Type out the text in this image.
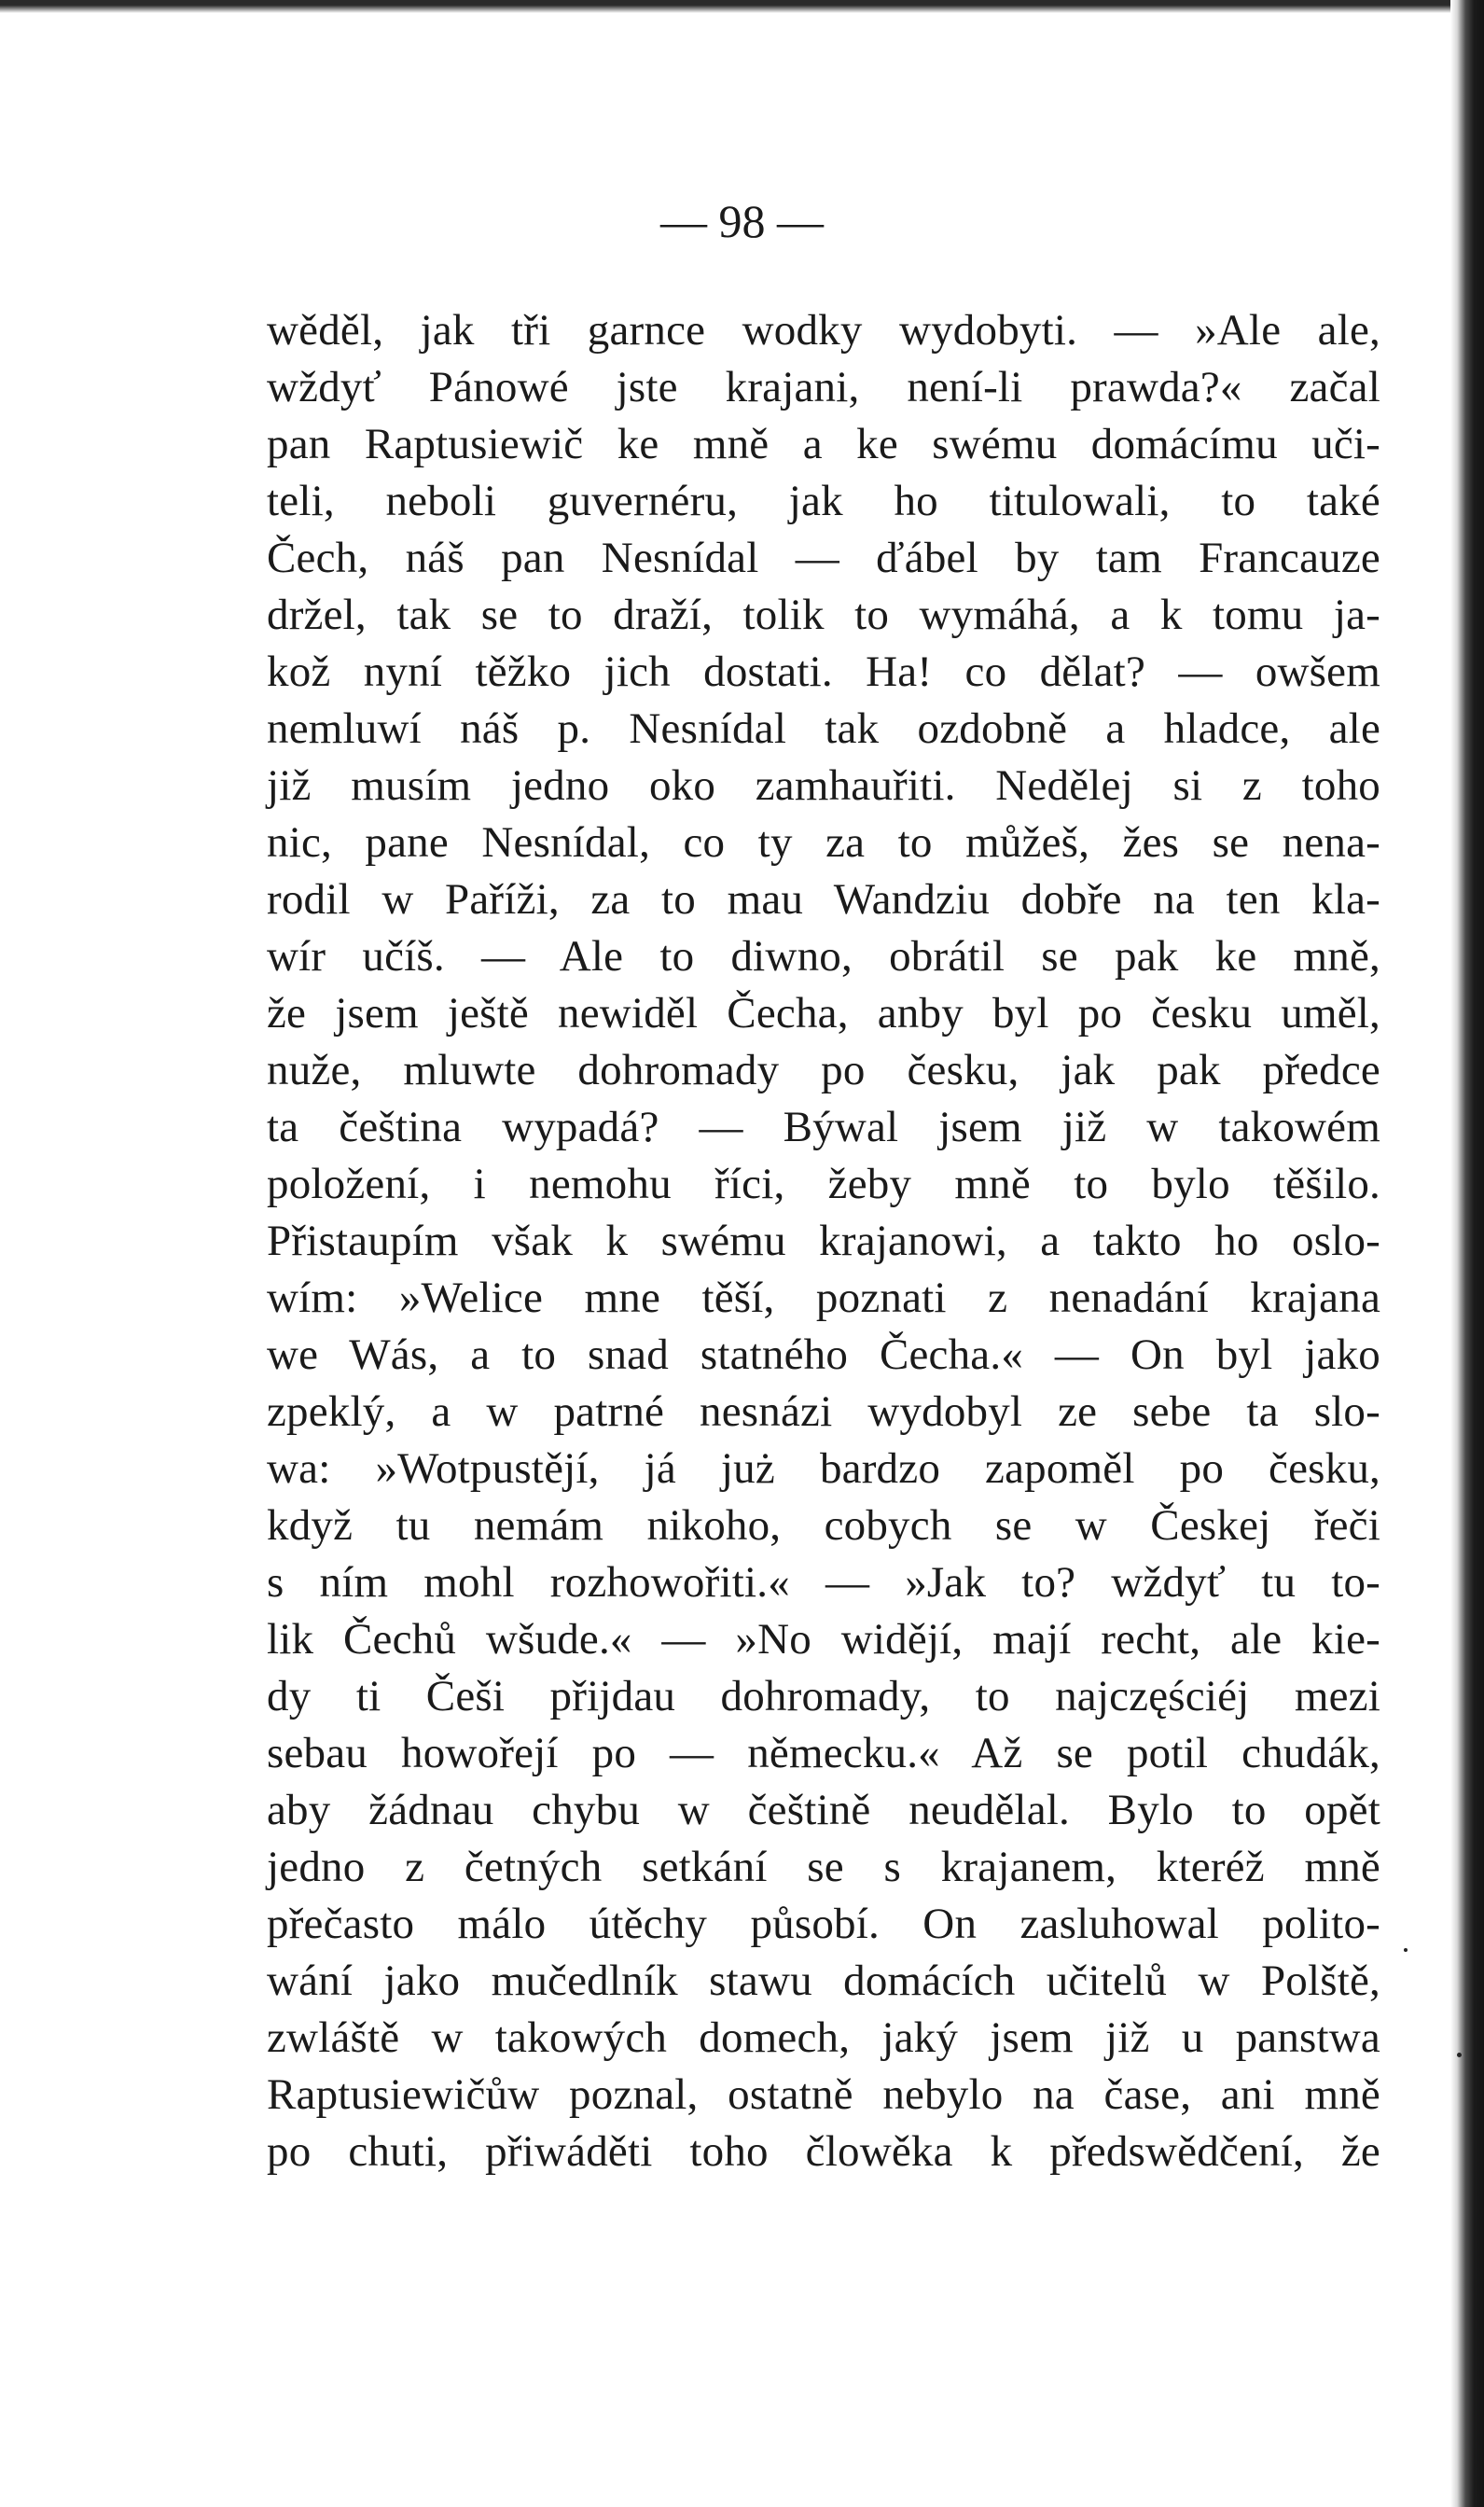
— 98 —
wěděl, jak tři garnce wodky wydobyti. — »Ale ale,
wždyť Pánowé jste krajani, není-li prawda?« začal
pan Raptusiewič ke mně a ke swému domácímu uči-
teli, neboli guvernéru, jak ho titulowali, to také
Čech, náš pan Nesnídal — ďábel by tam Francauze
držel, tak se to draží, tolik to wymáhá, a k tomu ja-
kož nyní těžko jich dostati. Ha! co dělat? — owšem
nemluwí náš p. Nesnídal tak ozdobně a hladce, ale
již musím jedno oko zamhauřiti. Nedělej si z toho
nic, pane Nesnídal, co ty za to můžeš, žes se nena-
rodil w Paříži, za to mau Wandziu dobře na ten kla-
wír učíš. — Ale to diwno, obrátil se pak ke mně,
že jsem ještě newiděl Čecha, anby byl po česku uměl,
nuže, mluwte dohromady po česku, jak pak předce
ta čeština wypadá? — Býwal jsem již w takowém
položení, i nemohu říci, žeby mně to bylo těšilo.
Přistaupím však k swému krajanowi, a takto ho oslo-
wím: »Welice mne těší, poznati z nenadání krajana
we Wás, a to snad statného Čecha.« — On byl jako
zpeklý, a w patrné nesnázi wydobyl ze sebe ta slo-
wa: »Wotpustějí, já już bardzo zapoměl po česku,
když tu nemám nikoho, cobych se w Českej řeči
s ním mohl rozhowořiti.« — »Jak to? wždyť tu to-
lik Čechů wšude.« — »No widějí, mají recht, ale kie-
dy ti Češi přijdau dohromady, to najczęściéj mezi
sebau howořejí po — německu.« Až se potil chudák,
aby žádnau chybu w češtině neudělal. Bylo to opět
jedno z četných setkání se s krajanem, kteréž mně
přečasto málo útěchy působí. On zasluhowal polito-
wání jako mučedlník stawu domácích učitelů w Polště,
zwláště w takowých domech, jaký jsem již u panstwa
Raptusiewičůw poznal, ostatně nebylo na čase, ani mně
po chuti, přiwáděti toho člowěka k předswědčení, že
